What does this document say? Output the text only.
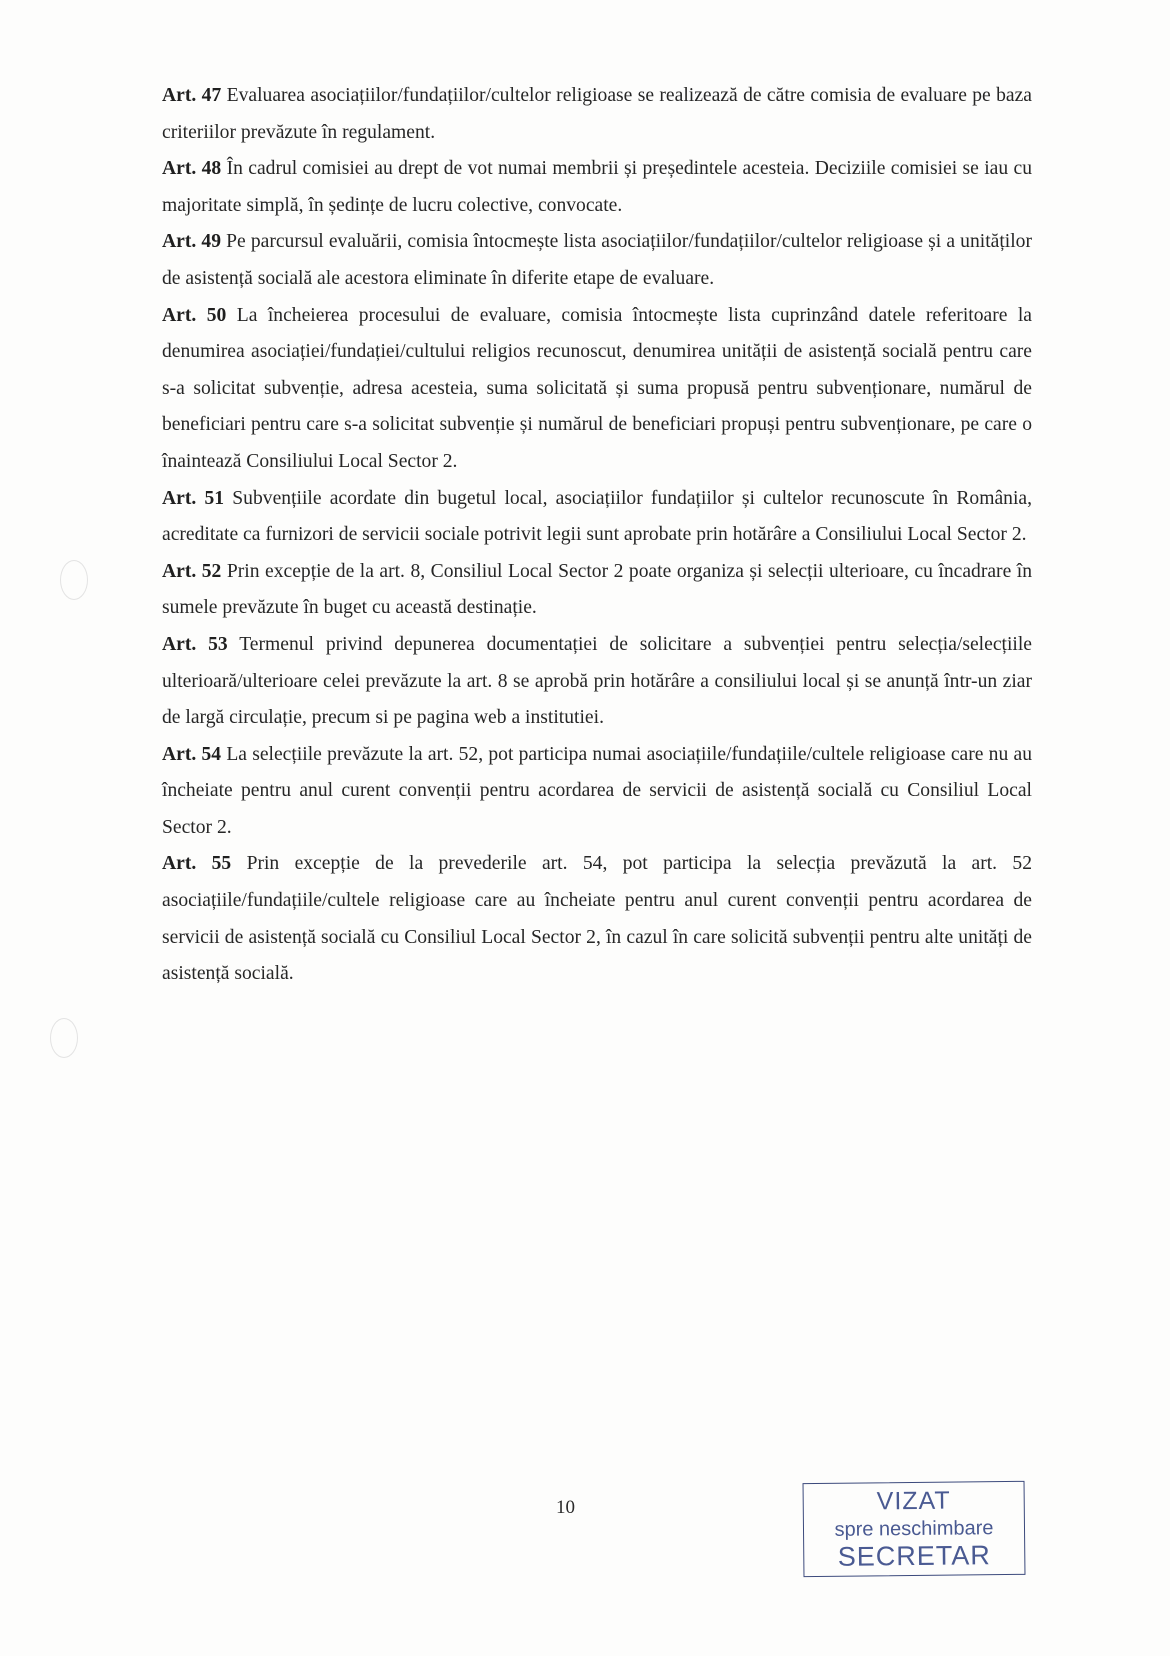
Art. 47 Evaluarea asociațiilor/fundațiilor/cultelor religioase se realizează de către comisia de evaluare pe baza criteriilor prevăzute în regulament.

Art. 48 În cadrul comisiei au drept de vot numai membrii și președintele acesteia. Deciziile comisiei se iau cu majoritate simplă, în ședințe de lucru colective, convocate.

Art. 49 Pe parcursul evaluării, comisia întocmește lista asociațiilor/fundațiilor/cultelor religioase și a unităților de asistență socială ale acestora eliminate în diferite etape de evaluare.

Art. 50 La încheierea procesului de evaluare, comisia întocmește lista cuprinzând datele referitoare la denumirea asociației/fundației/cultului religios recunoscut, denumirea unității de asistență socială pentru care s-a solicitat subvenție, adresa acesteia, suma solicitată și suma propusă pentru subvenționare, numărul de beneficiari pentru care s-a solicitat subvenție și numărul de beneficiari propuși pentru subvenționare, pe care o înaintează Consiliului Local Sector 2.

Art. 51 Subvențiile acordate din bugetul local, asociațiilor fundațiilor și cultelor recunoscute în România, acreditate ca furnizori de servicii sociale potrivit legii sunt aprobate prin hotărâre a Consiliului Local Sector 2.

Art. 52 Prin excepție de la art. 8, Consiliul Local Sector 2 poate organiza și selecții ulterioare, cu încadrare în sumele prevăzute în buget cu această destinație.

Art. 53 Termenul privind depunerea documentației de solicitare a subvenției pentru selecția/selecțiile ulterioară/ulterioare celei prevăzute la art. 8 se aprobă prin hotărâre a consiliului local și se anunță într-un ziar de largă circulație, precum si pe pagina web a institutiei.

Art. 54 La selecțiile prevăzute la art. 52, pot participa numai asociațiile/fundațiile/cultele religioase care nu au încheiate pentru anul curent convenții pentru acordarea de servicii de asistență socială cu Consiliul Local Sector 2.

Art. 55 Prin excepție de la prevederile art. 54, pot participa la selecția prevăzută la art. 52 asociațiile/fundațiile/cultele religioase care au încheiate pentru anul curent convenții pentru acordarea de servicii de asistență socială cu Consiliul Local Sector 2, în cazul în care solicită subvenții pentru alte unități de asistență socială.

10	VIZAT
spre neschimbare
SECRETAR
